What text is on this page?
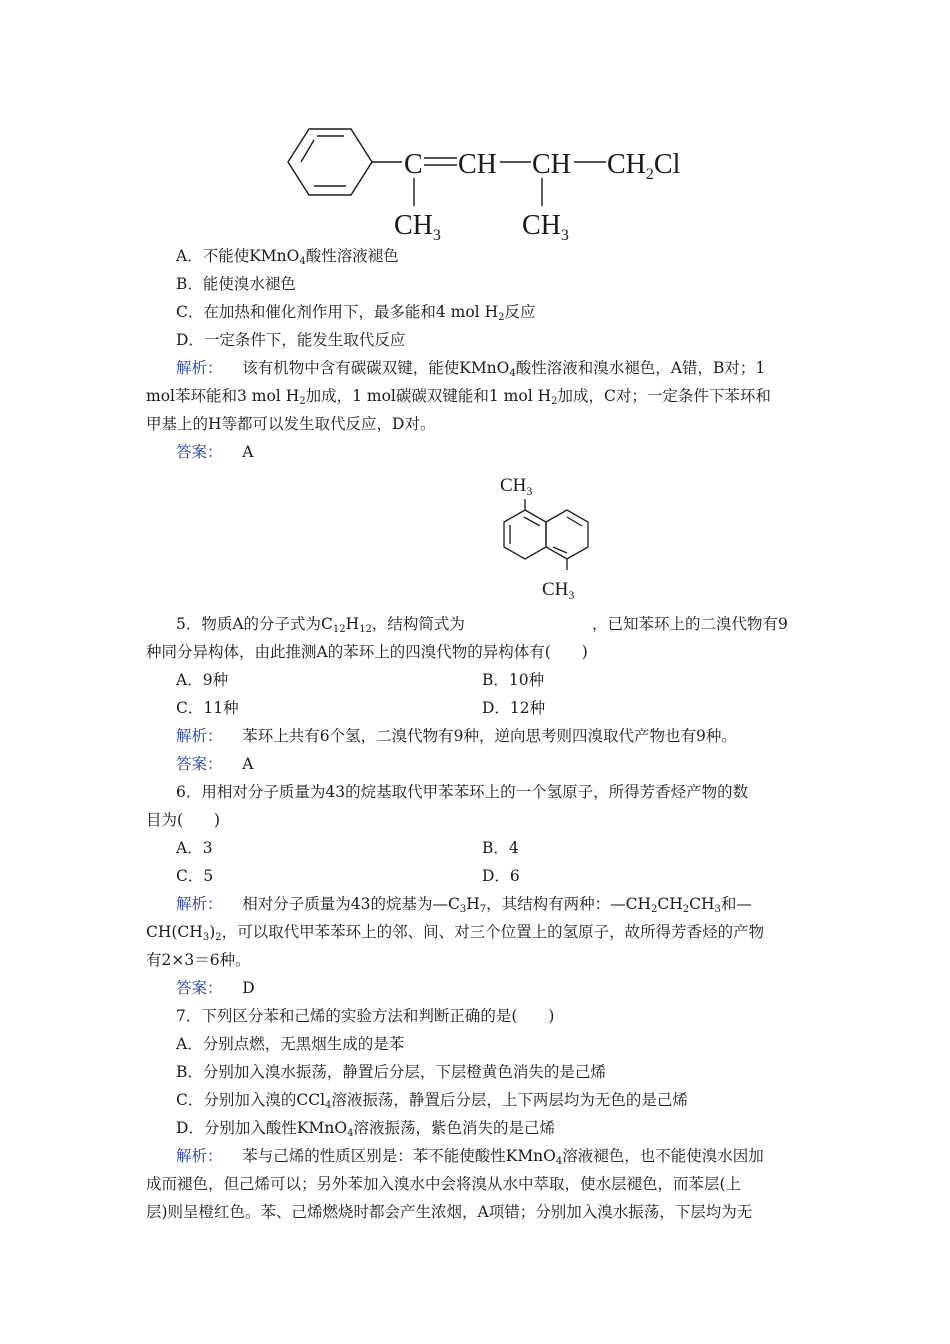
C CH CH $CH_2Cl$
$CH_3$	$CH_3$
A．不能使KMnO$_4$酸性溶液褪色
B．能使溴水褪色
C．在加热和催化剂作用下，最多能和4 mol $H_2$反应
D．一定条件下，能发生取代反应
解析： 该有机物中含有碳碳双键，能使KMnO$_4$酸性溶液和溴水褪色，A错，B对；1
mol苯环能和3 mol $H_2$加成，1 mol碳碳双键能和1 mol $H_2$加成，C对；一定条件下苯环和
甲基上的H等都可以发生取代反应，D对。
答案： A
$CH_3$
$CH_3$
5．物质A的分子式为$C_{12}H_{12}$，结构简式为	，已知苯环上的二溴代物有9
种同分异构体，由此推测A的苯环上的四溴代物的异构体有(　　)
A．9种	B．10种
C．11种	D．12种
解析： 苯环上共有6个氢，二溴代物有9种，逆向思考则四溴取代产物也有9种。
答案： A
6．用相对分子质量为43的烷基取代甲苯苯环上的一个氢原子，所得芳香烃产物的数
目为(　　)
A．3	B．4
C．5	D．6
解析： 相对分子质量为43的烷基为$—C_3H_7$，其结构有两种：$—CH_2CH_2CH_3$和—
$CH(CH_3)_2$，可以取代甲苯苯环上的邻、间、对三个位置上的氢原子，故所得芳香烃的产物
有2×3＝6种。
答案： D
7．下列区分苯和己烯的实验方法和判断正确的是(　　)
A．分别点燃，无黑烟生成的是苯
B．分别加入溴水振荡，静置后分层，下层橙黄色消失的是己烯
C．分别加入溴的CCl$_4$溶液振荡，静置后分层，上下两层均为无色的是己烯
D．分别加入酸性KMnO$_4$溶液振荡，紫色消失的是己烯
解析： 苯与己烯的性质区别是：苯不能使酸性KMnO$_4$溶液褪色，也不能使溴水因加
成而褪色，但己烯可以；另外苯加入溴水中会将溴从水中萃取，使水层褪色，而苯层(上
层)则呈橙红色。苯、己烯燃烧时都会产生浓烟，A项错；分别加入溴水振荡，下层均为无
